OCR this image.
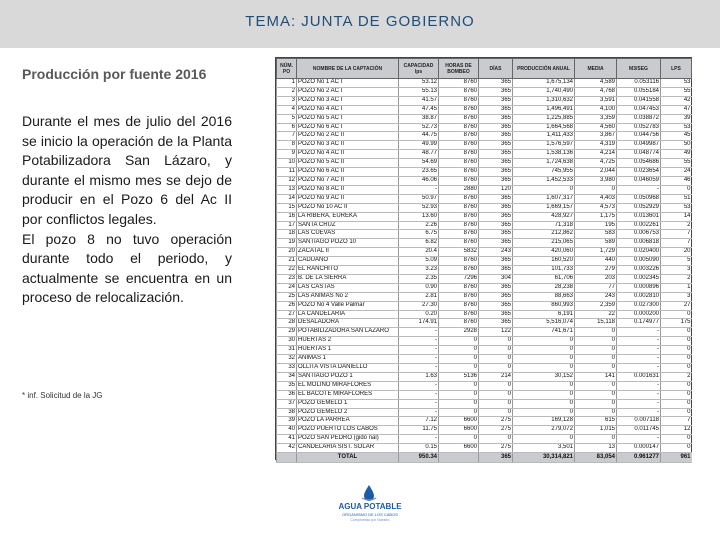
TEMA: JUNTA DE GOBIERNO

Producción por fuente 2016

Durante el mes de julio del 2016 se inicio la operación de la Planta Potabilizadora San Lázaro, y durante el mismo mes se dejo de producir en el Pozo 6 del Ac II por conflictos legales.

El pozo 8 no tuvo operación durante todo el periodo, y actualmente se encuentra en un proceso de relocalización.

* inf. Solicitud de la JG
NÚM. PO	NOMBRE DE LA CAPTACIÓN	CAPACIDAD lps	HORAS DE BOMBEO	DÍAS	PRODUCCIÓN ANUAL	MEDIA	M3/SEG	LPS
1	POZO No 1 AC I	53.12	8760	365	1,675,134	4,589	0.053116	53
2	POZO No 2 AC I	55.13	8760	365	1,740,490	4,768	0.055184	55
3	POZO No 3 AC I	41.57	8760	365	1,310,632	3,591	0.041558	42
4	POZO No 4 AC I	47.45	8760	365	1,496,491	4,100	0.047453	47
5	POZO No 5 AC I	38.87	8760	365	1,225,885	3,359	0.038872	39
6	POZO No 6 AC I	52.73	8760	365	1,664,568	4,560	0.052783	53
7	POZO No 2 AC II	44.75	8760	365	1,411,433	3,867	0.044756	45
8	POZO No 3 AC II	49.99	8760	365	1,576,597	4,319	0.049987	50
9	POZO No 4 AC II	48.77	8760	365	1,538,136	4,214	0.048774	49
10	POZO No 5 AC II	54.69	8760	365	1,724,638	4,725	0.054686	55
11	POZO No 6 AC II	23.65	8760	365	745,955	2,044	0.023654	24
12	POZO No 7 AC II	46.06	8760	365	1,452,533	3,980	0.046059	46
13	POZO No 8 AC II	-	2880	120	0	0	-	0
14	POZO No 9 AC II	50.97	8760	365	1,607,317	4,403	0.050968	51
15	POZO No 10 AC II	52.93	8760	365	1,669,157	4,573	0.052929	53
16	LA RIBERA, EUREKA	13.60	8760	365	428,927	1,175	0.013601	14
17	SANTA CRUZ	2.26	8760	365	71,318	195	0.002261	2
18	LAS CUEVAS	6.75	8760	365	212,862	583	0.006753	7
19	SANTIAGO POZO 10	6.82	8760	365	215,065	589	0.006818	7
20	ZACATAL II	20.4	5832	243	420,060	1,729	0.020400	20
21	CADUAÑO	5.09	8760	365	160,520	440	0.005090	5
22	EL RANCHITO	3.23	8760	365	101,733	279	0.003226	3
23	B. DE LA SIERRA	2.35	7296	304	61,706	203	0.002345	2
24	LAS CASTAS	0.90	8760	365	28,238	77	0.000896	1
25	LAS ANIMAS No 2	2.81	8760	365	88,663	243	0.002810	3
26	POZO No 4 Valle Palmar	27.30	8760	365	860,993	2,359	0.027300	27
27	LA CANDELARIA	0.20	8760	365	6,191	22	0.000200	0
28	DESALADORA	174.91	8760	365	5,516,074	15,118	0.174977	175
29	POTABILIZADORA SAN LAZARO	-	2928	122	741,671	0	-	0
30	HUERTAS 2	-	0	0	0	0	-	0
31	HUERTAS 1	-	0	0	0	0	-	0
32	ANIMAS 1	-	0	0	0	0	-	0
33	OLLITA VISTA DANIELLO	-	0	0	0	0	-	0
34	SANTIAGO POZO 1	1.63	5136	214	30,152	141	0.001631	2
35	EL MOLINO MIRAFLORES	-	0	0	0	0	-	0
36	EL BACOTE MIRAFLORES	-	0	0	0	0	-	0
37	POZO GEMELO 1	-	0	0	0	0	-	0
38	POZO GEMELO 2	-	0	0	0	0	-	0
39	POZO LA PARREA	7.12	6600	275	169,128	615	0.007118	7
40	POZO PUERTO LOS CABOS	11.75	6600	275	279,072	1,015	0.011745	12
41	POZO SAN PEDRO (gido nal)	-	0	0	0	0	-	0
42	CANDELARIA SIST. SOLAR	0.15	6600	275	3,501	13	0.000147	0
	TOTAL	950.34		365	30,314,821	83,054	0.961277	961
AGUA POTABLE
ORGANISMO DE LOS CABOS
Compromiso por Nuestro
